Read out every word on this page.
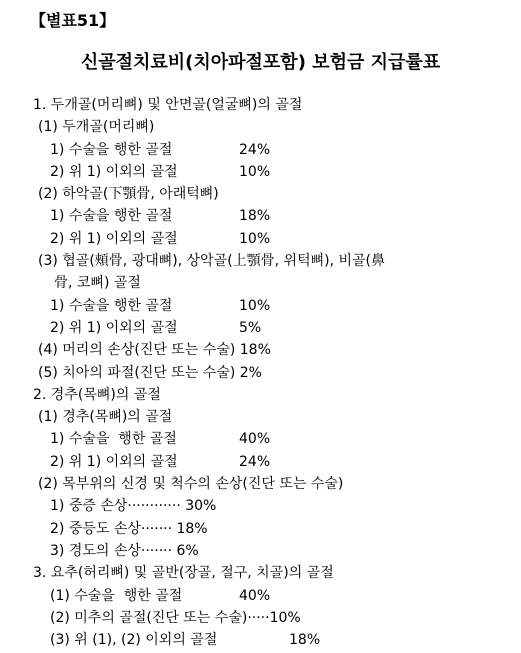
【별표51】
신골절치료비(치아파절포함) 보험금 지급률표
1. 두개골(머리뼈) 및 안면골(얼굴뼈)의 골절
(1) 두개골(머리뼈)
1) 수술을 행한 골절	24%
2) 위 1) 이외의 골절	10%
(2) 하악골(下顎骨, 아래턱뼈)
1) 수술을 행한 골절	18%
2) 위 1) 이외의 골절	10%
(3) 협골(頰骨, 광대뼈), 상악골(上顎骨, 위턱뼈), 비골(鼻
骨, 코뼈) 골절
1) 수술을 행한 골절	10%
2) 위 1) 이외의 골절	5%
(4) 머리의 손상(진단 또는 수술) 18%
(5) 치아의 파절(진단 또는 수술) 2%
2. 경추(목뼈)의 골절
(1) 경추(목뼈)의 골절
1) 수술을  행한 골절	40%
2) 위 1) 이외의 골절	24%
(2) 목부위의 신경 및 척수의 손상(진단 또는 수술)
1) 중증 손상············ 30%
2) 중등도 손상······· 18%
3) 경도의 손상······· 6%
3. 요추(허리뼈) 및 골반(장골, 절구, 치골)의 골절
(1) 수술을  행한 골절	40%
(2) 미추의 골절(진단 또는 수술)·····10%
(3) 위 (1), (2) 이외의 골절	18%
